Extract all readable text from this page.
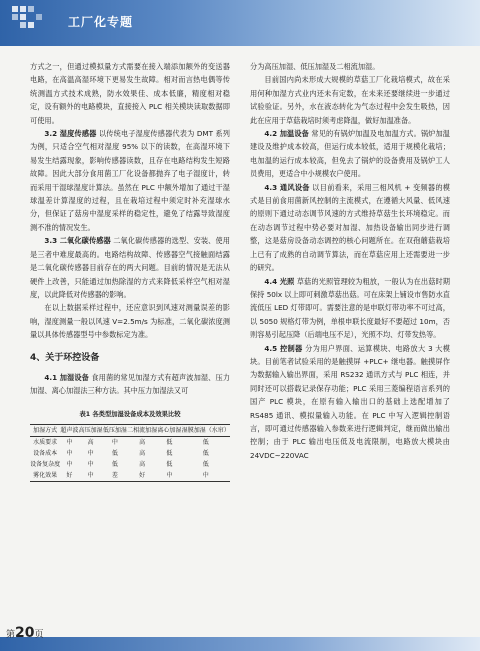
工厂化专题

方式之一，但通过模拟量方式需要在接入端添加额外的变送器电路，在高温高湿环境下更易发生故障。相对而言热电偶等传统测温方式技术成熟，防水效果佳、成本低廉，精度相对稳定，设有额外的电路模块，直接接入 PLC 相关模块读取数据即可使用。

3.2 湿度传感器 以传统电子湿度传感器代表为 DMT 系列为例，只适合空气相对湿度 95% 以下的读数，在高湿环境下易发生结露现象，影响传感器读数，且存在电路结构发生短路故障。因此大部分食用菌工厂化设备都抛弃了电子湿度计，转而采用干湿球湿度计算法。虽然在 PLC 中额外增加了通过干湿球温差计算湿度的过程，且在栽培过程中须定时补充湿球水分，但保证了菇房中湿度采样的稳定性，避免了结露导致湿度测不准的情况发生。

3.3 二氧化碳传感器 二氧化碳传感器的选型、安装、使用是三者中难度最高的。电路结构故障、传感器空气接触面结露是二氧化碳传感器目前存在的两大问题。目前的情况是无法从硬件上改善，只能通过加热除湿的方式来降低采样空气相对湿度，以此降低对传感器的影响。

在以上数据采样过程中，还应意识到风速对测量误差的影响，湿度测量一般以风速 V=2.5m/s 为标准，二氧化碳浓度测量以具体传感器型号中参数标定为准。

4、关于环控设备

4.1 加湿设备 食用菌的常见加湿方式有超声波加湿、压力加湿、离心加湿法三种方法。其中压力加湿法又可

表1 各类型加湿设备成本及效果比较
加湿方式	超声波	高压加湿	低压加湿	二相流加湿	离心加湿	湿膜加湿（水帘）
水质要求	中	高	中	高	低	低
设备成本	中	中	低	高	低	低
设备复杂度	中	中	低	高	低	低
雾化效果	好	中	差	好	中	中

分为高压加湿、低压加湿及二相流加湿。

目前国内尚未形成大规模的草菇工厂化栽培模式，故在采用何种加湿方式业内还未有定数，在未来还要继续进一步通过试验验证。另外，水在液态转化为气态过程中会发生吸热，因此在应用于草菇栽培时须考虑降温，做好加温准备。

4.2 加温设备 常见的有锅炉加温及电加温方式。锅炉加温建设及维护成本较高，但运行成本较低，适用于规模化栽培；电加温的运行成本较高，但免去了锅炉的设备费用及锅炉工人员费用，更适合中小规模农户使用。

4.3 通风设备 以目前看来，采用三相风机 + 变频器的模式是目前食用菌新风控制的主流模式，在遵循大风量、低风速的原则下通过动态调节风速的方式维持草菇生长环境稳定。而在动态调节过程中势必要对加湿、加热设备输出同步进行调整，这是菇房设备动态调控的核心问题所在。在双孢蘑菇栽培上已有了成熟的自动调节算法，而在草菇应用上还需要进一步的研究。

4.4 光照 草菇的光照管理较为粗放，一般认为在出菇时期保持 50lx 以上即可刺激草菇出菇。可在床架上铺设市售防水直流低压 LED 灯带即可。需要注意的是申联灯带功率不可过高，以 5050 规格灯带为例，单根申联长度最好不要超过 10m，否则容易引起压降（后端电压不足），光照不均、灯带发热等。

4.5 控制器 分为用户界面、运算模块、电路放大 3 大模块。目前笔者试验采用的是触摸屏 +PLC+ 继电器。触摸屏作为数据输入输出界面，采用 RS232 通讯方式与 PLC 相连，并同时还可以搭载记录保存功能；PLC 采用三菱编程语言系列的国产 PLC 模块，在原有输入输出口的基础上选配增加了 RS485 通讯、模拟量输入功能。在 PLC 中写入逻辑控制语言，即可通过传感器输入参数来进行逻辑判定，继而做出输出控制；由于 PLC 输出电压低及电流限制，电路放大模块由 24VDC~220VAC

第20页
